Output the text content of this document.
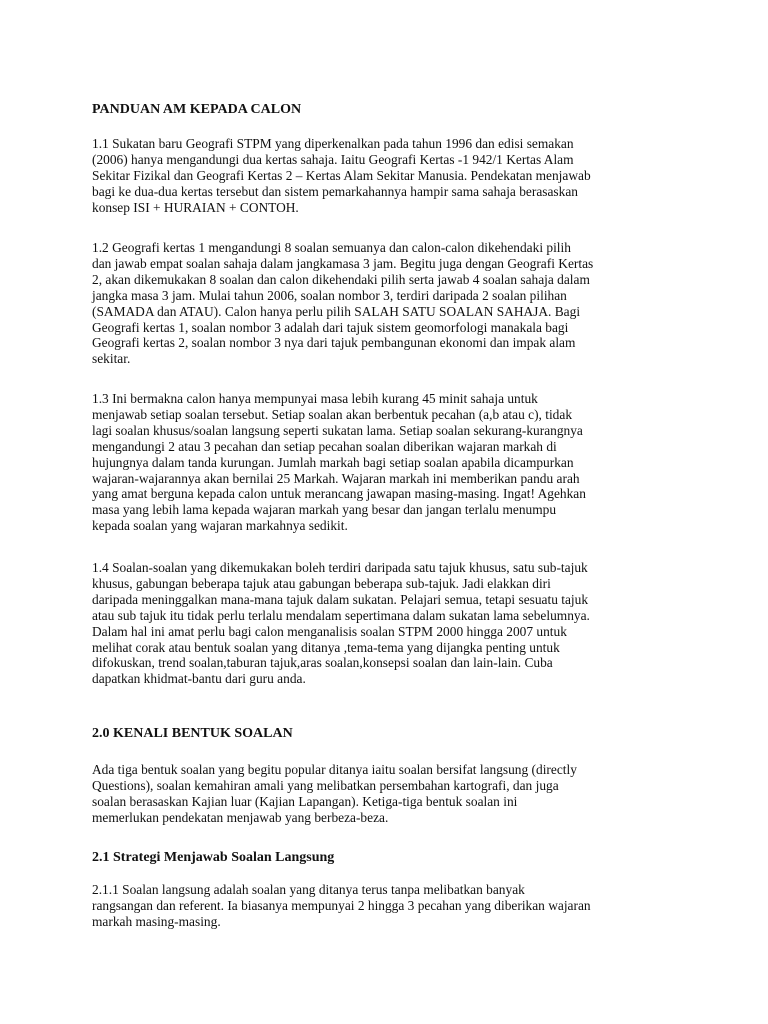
PANDUAN AM KEPADA CALON
1.1 Sukatan baru Geografi STPM yang diperkenalkan pada tahun 1996 dan edisi semakan
(2006) hanya mengandungi dua kertas sahaja. Iaitu Geografi Kertas -1 942/1 Kertas Alam
Sekitar Fizikal dan Geografi Kertas 2 – Kertas Alam Sekitar Manusia. Pendekatan menjawab
bagi ke dua-dua kertas tersebut dan sistem pemarkahannya hampir sama sahaja berasaskan
konsep ISI + HURAIAN + CONTOH.
1.2 Geografi kertas 1 mengandungi 8 soalan semuanya dan calon-calon dikehendaki pilih
dan jawab empat soalan sahaja dalam jangkamasa 3 jam. Begitu juga dengan Geografi Kertas
2, akan dikemukakan 8 soalan dan calon dikehendaki pilih serta jawab 4 soalan sahaja dalam
jangka masa 3 jam. Mulai tahun 2006, soalan nombor 3, terdiri daripada 2 soalan pilihan
(SAMADA dan ATAU). Calon hanya perlu pilih SALAH SATU SOALAN SAHAJA. Bagi
Geografi kertas 1, soalan nombor 3 adalah dari tajuk sistem geomorfologi manakala bagi
Geografi kertas 2, soalan nombor 3 nya dari tajuk pembangunan ekonomi dan impak alam
sekitar.
1.3 Ini bermakna calon hanya mempunyai masa lebih kurang 45 minit sahaja untuk
menjawab setiap soalan tersebut. Setiap soalan akan berbentuk pecahan (a,b atau c), tidak
lagi soalan khusus/soalan langsung seperti sukatan lama. Setiap soalan sekurang-kurangnya
mengandungi 2 atau 3 pecahan dan setiap pecahan soalan diberikan wajaran markah di
hujungnya dalam tanda kurungan. Jumlah markah bagi setiap soalan apabila dicampurkan
wajaran-wajarannya akan bernilai 25 Markah. Wajaran markah ini memberikan pandu arah
yang amat berguna kepada calon untuk merancang jawapan masing-masing. Ingat! Agehkan
masa yang lebih lama kepada wajaran markah yang besar dan jangan terlalu menumpu
kepada soalan yang wajaran markahnya sedikit.
1.4 Soalan-soalan yang dikemukakan boleh terdiri daripada satu tajuk khusus, satu sub-tajuk
khusus, gabungan beberapa tajuk atau gabungan beberapa sub-tajuk. Jadi elakkan diri
daripada meninggalkan mana-mana tajuk dalam sukatan. Pelajari semua, tetapi sesuatu tajuk
atau sub tajuk itu tidak perlu terlalu mendalam sepertimana dalam sukatan lama sebelumnya.
Dalam hal ini amat perlu bagi calon menganalisis soalan STPM 2000 hingga 2007 untuk
melihat corak atau bentuk soalan yang ditanya ,tema-tema yang dijangka penting untuk
difokuskan, trend soalan,taburan tajuk,aras soalan,konsepsi soalan dan lain-lain. Cuba
dapatkan khidmat-bantu dari guru anda.
2.0 KENALI BENTUK SOALAN
Ada tiga bentuk soalan yang begitu popular ditanya iaitu soalan bersifat langsung (directly
Questions), soalan kemahiran amali yang melibatkan persembahan kartografi, dan juga
soalan berasaskan Kajian luar (Kajian Lapangan). Ketiga-tiga bentuk soalan ini
memerlukan pendekatan menjawab yang berbeza-beza.
2.1 Strategi Menjawab Soalan Langsung
2.1.1 Soalan langsung adalah soalan yang ditanya terus tanpa melibatkan banyak
rangsangan dan referent. Ia biasanya mempunyai 2 hingga 3 pecahan yang diberikan wajaran
markah masing-masing.
